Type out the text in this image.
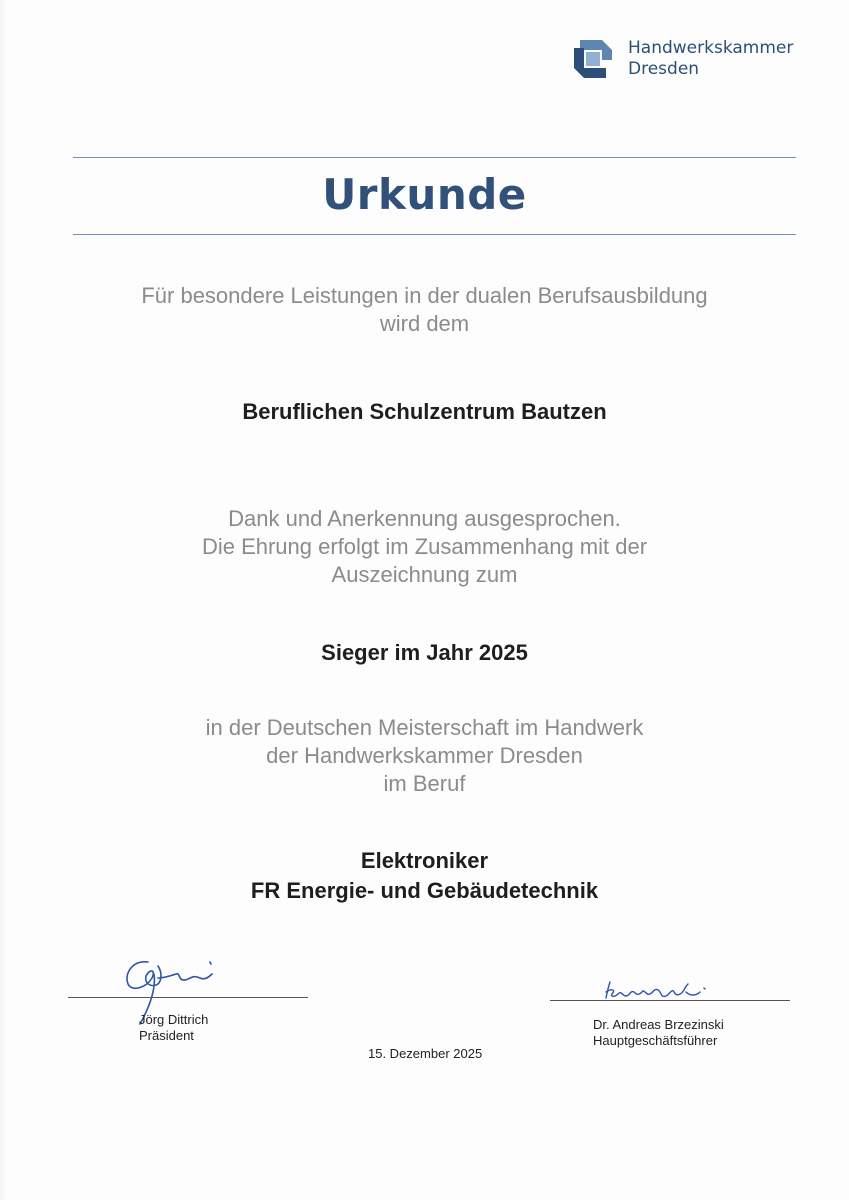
Handwerkskammer
Dresden
Urkunde
Für besondere Leistungen in der dualen Berufsausbildung
wird dem
Beruflichen Schulzentrum Bautzen
Dank und Anerkennung ausgesprochen.
Die Ehrung erfolgt im Zusammenhang mit der
Auszeichnung zum
Sieger im Jahr 2025
in der Deutschen Meisterschaft im Handwerk
der Handwerkskammer Dresden
im Beruf
Elektroniker
FR Energie- und Gebäudetechnik
Jörg Dittrich
Präsident
Dr. Andreas Brzezinski
Hauptgeschäftsführer
15. Dezember 2025
